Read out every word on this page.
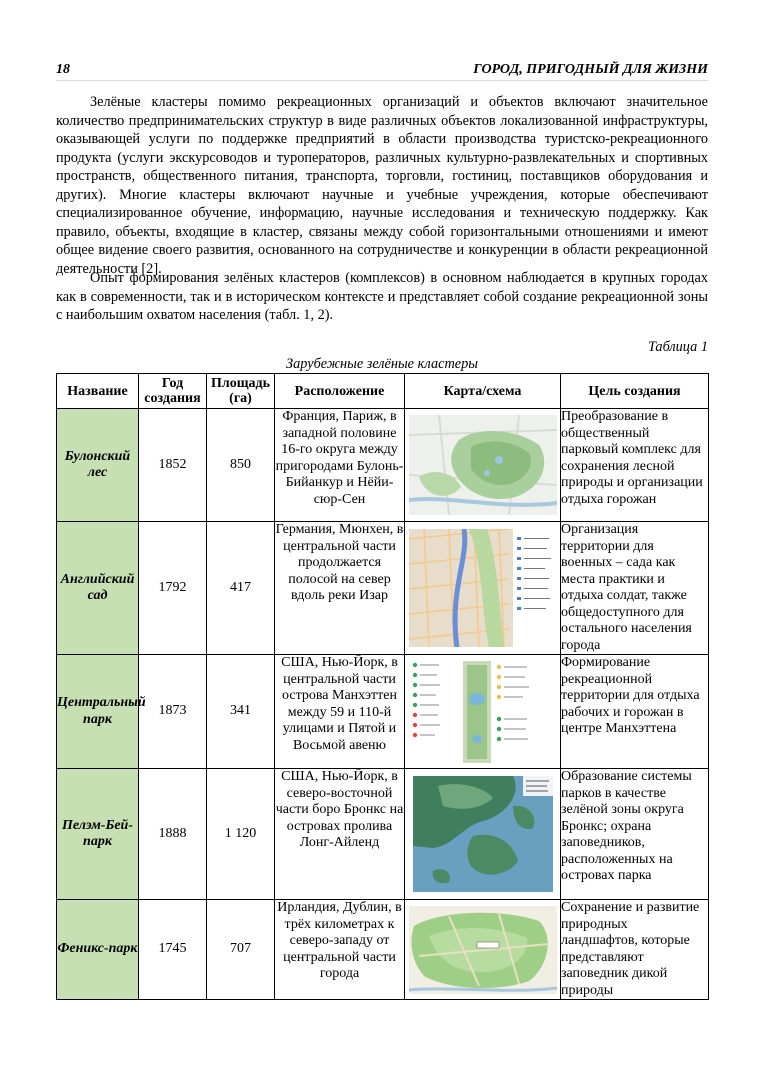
18	ГОРОД, ПРИГОДНЫЙ ДЛЯ ЖИЗНИ

Зелёные кластеры помимо рекреационных организаций и объектов включают значительное количество предпринимательских структур в виде различных объектов локализованной инфраструктуры, оказывающей услуги по поддержке предприятий в области производства туристско-рекреационного продукта (услуги экскурсоводов и туроператоров, различных культурно-развлекательных и спортивных пространств, общественного питания, транспорта, торговли, гостиниц, поставщиков оборудования и других). Многие кластеры включают научные и учебные учреждения, которые обеспечивают специализированное обучение, информацию, научные исследования и техническую поддержку. Как правило, объекты, входящие в кластер, связаны между собой горизонтальными отношениями и имеют общее видение своего развития, основанного на сотрудничестве и конкуренции в области рекреационной деятельности [2].

Опыт формирования зелёных кластеров (комплексов) в основном наблюдается в крупных городах как в современности, так и в историческом контексте и представляет собой создание рекреационной зоны с наибольшим охватом населения (табл. 1, 2).

Таблица 1
Зарубежные зелёные кластеры
Название	Год создания	Площадь (га)	Расположение	Карта/схема	Цель создания
Булонский лес	1852	850	Франция, Париж, в западной половине 16-го округа между пригородами Булонь-Бийанкур и Нёйи-сюр-Сен		Преобразование в общественный парковый комплекс для сохранения лесной природы и организации отдыха горожан
Английский сад	1792	417	Германия, Мюнхен, в центральной части продолжается полосой на север вдоль реки Изар		Организация территории для военных – сада как места практики и отдыха солдат, также общедоступного для остального населения города
Центральный парк	1873	341	США, Нью-Йорк, в центральной части острова Манхэттен между 59 и 110-й улицами и Пятой и Восьмой авеню		Формирование рекреационной территории для отдыха рабочих и горожан в центре Манхэттена
Пелэм-Бей-парк	1888	1 120	США, Нью-Йорк, в северо-восточной части боро Бронкс на островах пролива Лонг-Айленд		Образование системы парков в качестве зелёной зоны округа Бронкс; охрана заповедников, расположенных на островах парка
Феникс-парк	1745	707	Ирландия, Дублин, в трёх километрах к северо-западу от центральной части города		Сохранение и развитие природных ландшафтов, которые представляют заповедник дикой природы
